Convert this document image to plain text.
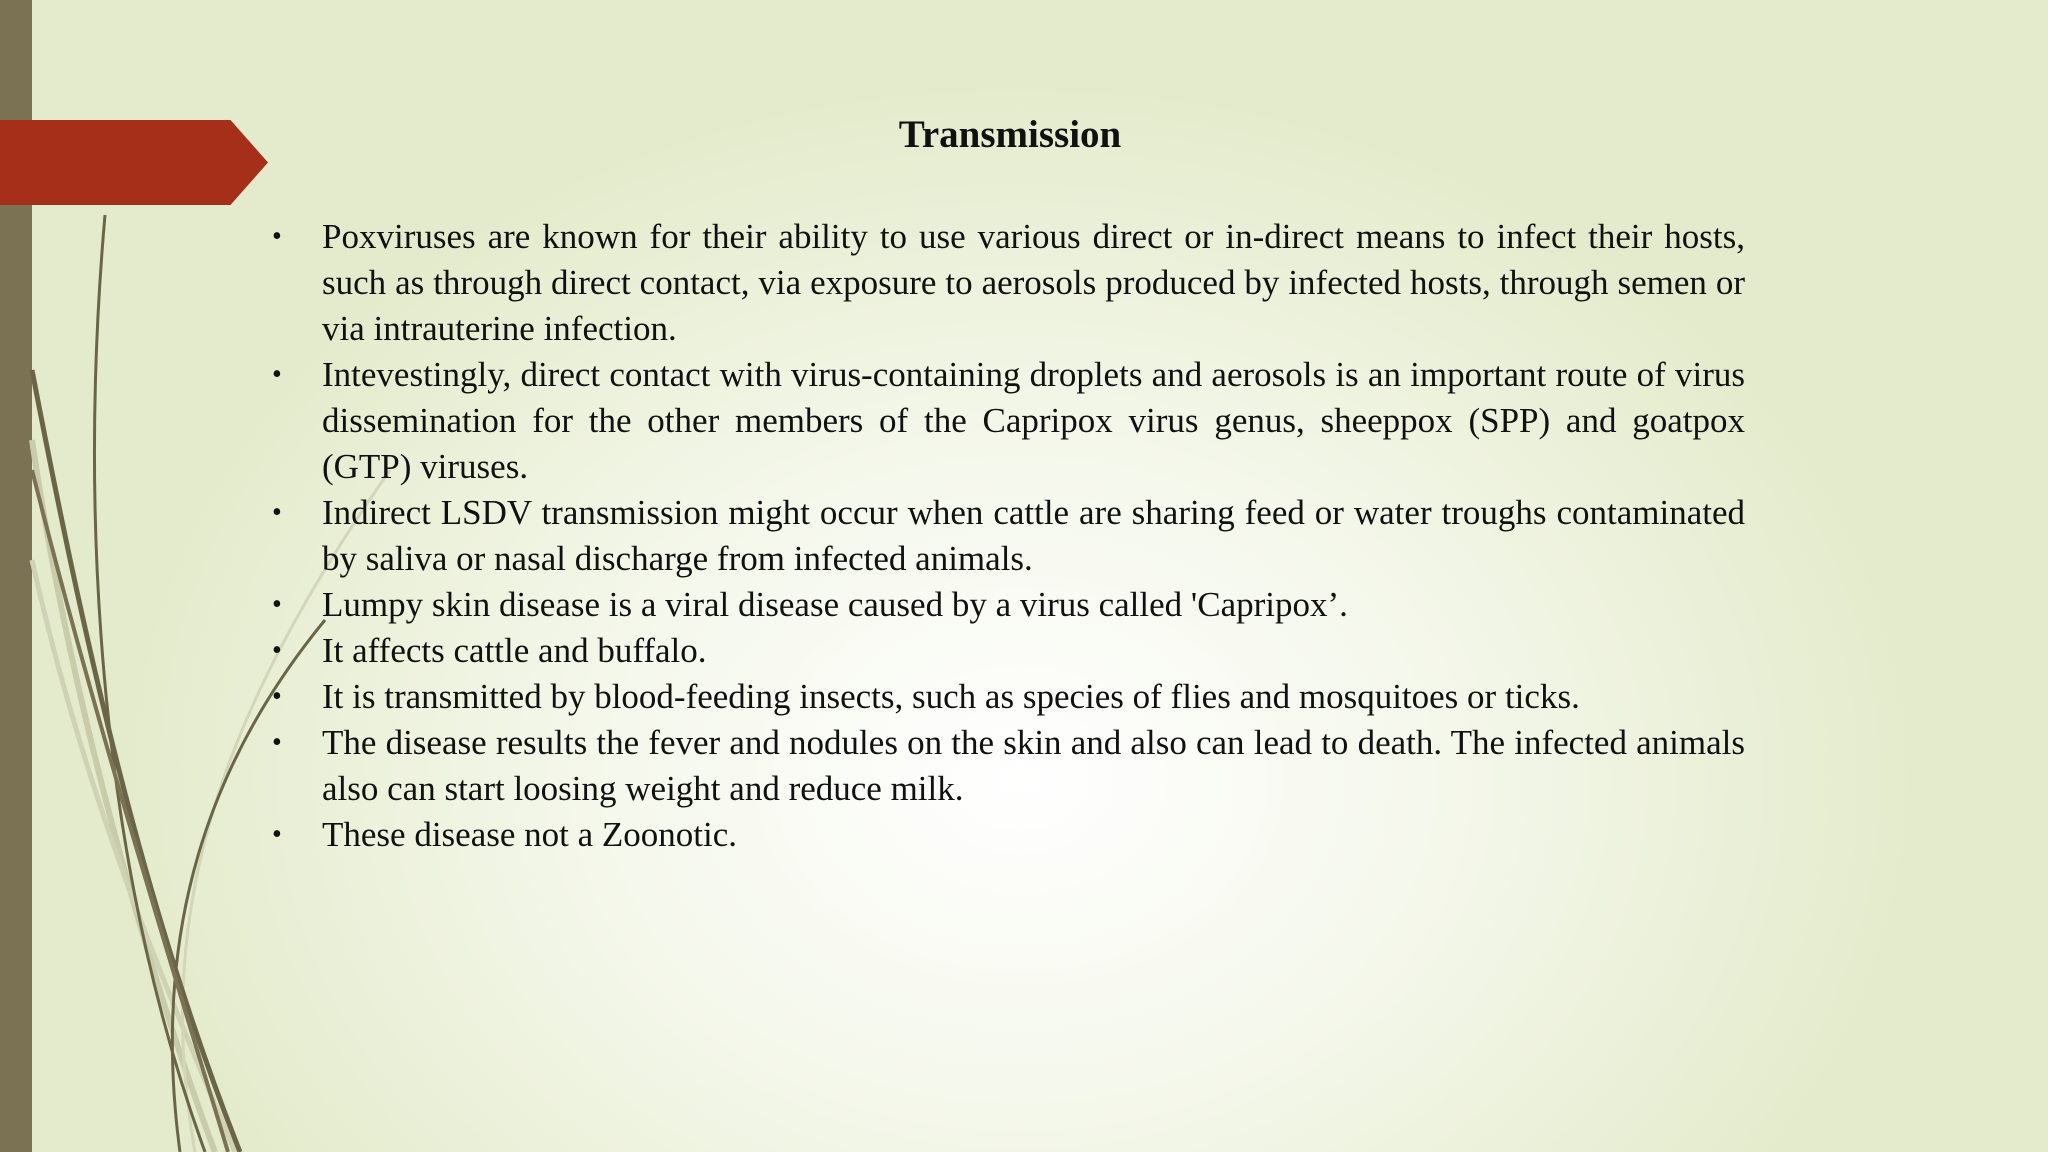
Transmission
• Poxviruses are known for their ability to use various direct or in-direct means to infect their hosts, such as through direct contact, via exposure to aerosols produced by infected hosts, through semen or via intrauterine infection.
• Intevestingly, direct contact with virus-containing droplets and aerosols is an important route of virus dissemination for the other members of the Capripox virus genus, sheeppox (SPP) and goatpox (GTP) viruses.
• Indirect LSDV transmission might occur when cattle are sharing feed or water troughs contaminated by saliva or nasal discharge from infected animals.
• Lumpy skin disease is a viral disease caused by a virus called 'Capripox’.
• It affects cattle and buffalo.
• It is transmitted by blood-feeding insects, such as species of flies and mosquitoes or ticks.
• The disease results the fever and nodules on the skin and also can lead to death. The infected animals also can start loosing weight and reduce milk.
• These disease not a Zoonotic.
